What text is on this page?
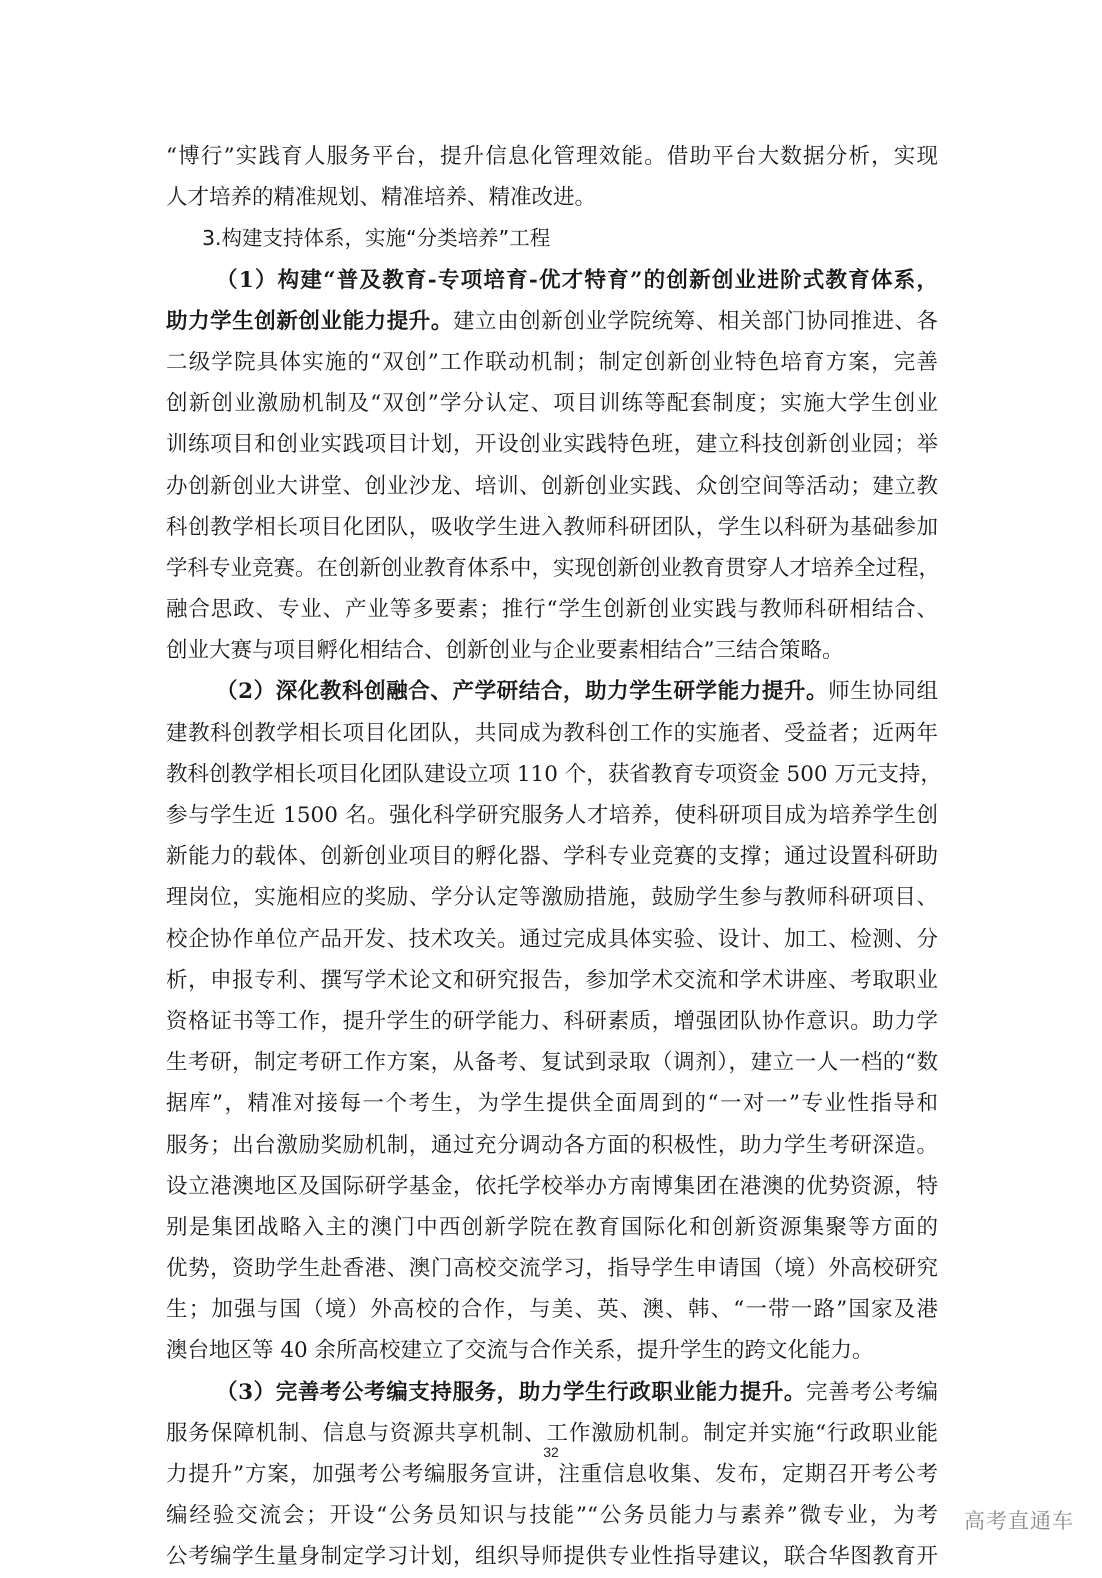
“博行”实践育人服务平台，提升信息化管理效能。借助平台大数据分析，实现
人才培养的精准规划、精准培养、精准改进。
3.构建支持体系，实施“分类培养”工程
（1）构建“普及教育-专项培育-优才特育”的创新创业进阶式教育体系，
助力学生创新创业能力提升。建立由创新创业学院统筹、相关部门协同推进、各
二级学院具体实施的“双创”工作联动机制；制定创新创业特色培育方案，完善
创新创业激励机制及“双创”学分认定、项目训练等配套制度；实施大学生创业
训练项目和创业实践项目计划，开设创业实践特色班，建立科技创新创业园；举
办创新创业大讲堂、创业沙龙、培训、创新创业实践、众创空间等活动；建立教
科创教学相长项目化团队，吸收学生进入教师科研团队，学生以科研为基础参加
学科专业竞赛。在创新创业教育体系中，实现创新创业教育贯穿人才培养全过程，
融合思政、专业、产业等多要素；推行“学生创新创业实践与教师科研相结合、
创业大赛与项目孵化相结合、创新创业与企业要素相结合”三结合策略。
（2）深化教科创融合、产学研结合，助力学生研学能力提升。师生协同组
建教科创教学相长项目化团队，共同成为教科创工作的实施者、受益者；近两年
教科创教学相长项目化团队建设立项 110 个，获省教育专项资金 500 万元支持，
参与学生近 1500 名。强化科学研究服务人才培养，使科研项目成为培养学生创
新能力的载体、创新创业项目的孵化器、学科专业竞赛的支撑；通过设置科研助
理岗位，实施相应的奖励、学分认定等激励措施，鼓励学生参与教师科研项目、
校企协作单位产品开发、技术攻关。通过完成具体实验、设计、加工、检测、分
析，申报专利、撰写学术论文和研究报告，参加学术交流和学术讲座、考取职业
资格证书等工作，提升学生的研学能力、科研素质，增强团队协作意识。助力学
生考研，制定考研工作方案，从备考、复试到录取（调剂），建立一人一档的“数
据库”，精准对接每一个考生，为学生提供全面周到的“一对一”专业性指导和
服务；出台激励奖励机制，通过充分调动各方面的积极性，助力学生考研深造。
设立港澳地区及国际研学基金，依托学校举办方南博集团在港澳的优势资源，特
别是集团战略入主的澳门中西创新学院在教育国际化和创新资源集聚等方面的
优势，资助学生赴香港、澳门高校交流学习，指导学生申请国（境）外高校研究
生；加强与国（境）外高校的合作，与美、英、澳、韩、“一带一路”国家及港
澳台地区等 40 余所高校建立了交流与合作关系，提升学生的跨文化能力。
（3）完善考公考编支持服务，助力学生行政职业能力提升。完善考公考编
服务保障机制、信息与资源共享机制、工作激励机制。制定并实施“行政职业能
力提升”方案，加强考公考编服务宣讲，注重信息收集、发布，定期召开考公考
编经验交流会；开设“公务员知识与技能”“公务员能力与素养”微专业，为考
公考编学生量身制定学习计划，组织导师提供专业性指导建议，联合华图教育开
32
高考直通车
